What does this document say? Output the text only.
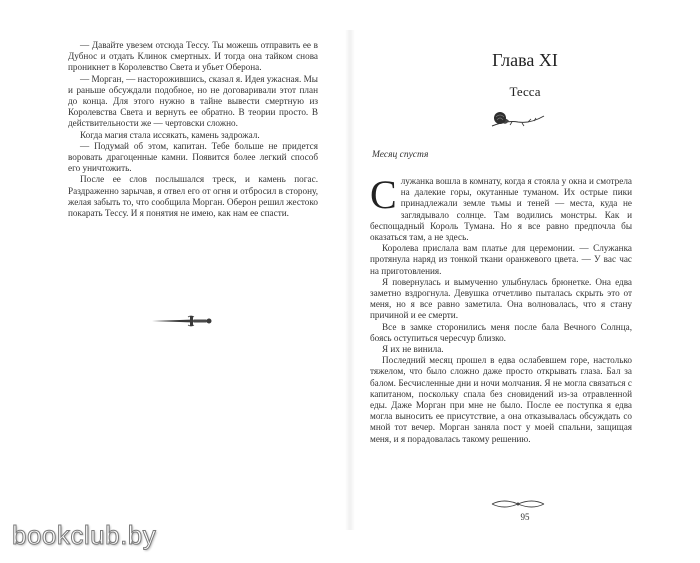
— Давайте увезем отсюда Тессу. Ты можешь отправить ее в Дубнос и отдать Клинок смертных. И тогда она тайком снова проникнет в Королевство Света и убьет Оберона.

— Морган, — насторожившись, сказал я. Идея ужасная. Мы и раньше обсуждали подобное, но не договаривали этот план до конца. Для этого нужно в тайне вывести смертную из Королевства Света и вернуть ее обратно. В теории просто. В действительности же — чертовски сложно.

Когда магия стала иссякать, камень задрожал.

— Подумай об этом, капитан. Тебе больше не придется воровать драгоценные камни. Появится более легкий способ его уничтожить.

После ее слов послышался треск, и камень погас. Раздраженно зарычав, я отвел его от огня и отбросил в сторону, желая забыть то, что сообщила Морган. Оберон решил жестоко покарать Тессу. И я понятия не имею, как нам ее спасти.

Глава XI
Тесса
Месяц спустя

Служанка вошла в комнату, когда я стояла у окна и смотрела на далекие горы, окутанные туманом. Их острые пики принадлежали земле тьмы и теней — места, куда не заглядывало солнце. Там водились монстры. Как и беспощадный Король Тумана. Но я все равно предпочла бы оказаться там, а не здесь.

Королева прислала вам платье для церемонии. — Служанка протянула наряд из тонкой ткани оранжевого цвета. — У вас час на приготовления.

Я повернулась и вымученно улыбнулась брюнетке. Она едва заметно вздрогнула. Девушка отчетливо пыталась скрыть это от меня, но я все равно заметила. Она волновалась, что я стану причиной и ее смерти.

Все в замке сторонились меня после бала Вечного Солнца, боясь оступиться чересчур близко.

Я их не винила.

Последний месяц прошел в едва ослабевшем горе, настолько тяжелом, что было сложно даже просто открывать глаза. Бал за балом. Бесчисленные дни и ночи молчания. Я не могла связаться с капитаном, поскольку спала без сновидений из-за отравленной еды. Даже Морган при мне не было. После ее поступка я едва могла выносить ее присутствие, а она отказывалась обсуждать со мной тот вечер. Морган заняла пост у моей спальни, защищая меня, и я порадовалась такому решению.

95
bookclub.by
